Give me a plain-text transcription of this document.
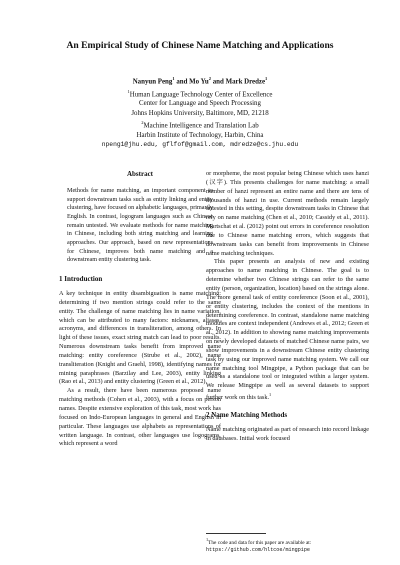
An Empirical Study of Chinese Name Matching and Applications
Nanyun Peng$^1$ and Mo Yu$^2$ and Mark Dredze$^1$
$^1$Human Language Technology Center of Excellence
Center for Language and Speech Processing
Johns Hopkins University, Baltimore, MD, 21218
$^2$Machine Intelligence and Translation Lab
Harbin Institute of Technology, Harbin, China
npeng1@jhu.edu, gflfof@gmail.com, mdredze@cs.jhu.edu
Abstract

Methods for name matching, an important component to support downstream tasks such as entity linking and entity clustering, have focused on alphabetic languages, primarily English. In contrast, logogram languages such as Chinese remain untested. We evaluate methods for name matching in Chinese, including both string matching and learning approaches. Our approach, based on new representations for Chinese, improves both name matching and a downstream entity clustering task.

1 Introduction

A key technique in entity disambiguation is name matching: determining if two mention strings could refer to the same entity. The challenge of name matching lies in name variation, which can be attributed to many factors: nicknames, aliases, acronyms, and differences in transliteration, among others. In light of these issues, exact string match can lead to poor results. Numerous downstream tasks benefit from improved name matching: entity coreference (Strube et al., 2002), name transliteration (Knight and Graehl, 1998), identifying names for mining paraphrases (Barzilay and Lee, 2003), entity linking (Rao et al., 2013) and entity clustering (Green et al., 2012).

As a result, there have been numerous proposed name matching methods (Cohen et al., 2003), with a focus on person names. Despite extensive exploration of this task, most work has focused on Indo-European languages in general and English in particular. These languages use alphabets as representations of written language. In contrast, other languages use logograms, which represent a word

or morpheme, the most popular being Chinese which uses hanzi (汉字). This presents challenges for name matching: a small number of hanzi represent an entire name and there are tens of thousands of hanzi in use. Current methods remain largely untested in this setting, despite downstream tasks in Chinese that rely on name matching (Chen et al., 2010; Cassidy et al., 2011). Martschat et al. (2012) point out errors in coreference resolution due to Chinese name matching errors, which suggests that downstream tasks can benefit from improvements in Chinese name matching techniques.

This paper presents an analysis of new and existing approaches to name matching in Chinese. The goal is to determine whether two Chinese strings can refer to the same entity (person, organization, location) based on the strings alone. The more general task of entity coreference (Soon et al., 2001), or entity clustering, includes the context of the mentions in determining coreference. In contrast, standalone name matching modules are context independent (Andrews et al., 2012; Green et al., 2012). In addition to showing name matching improvements on newly developed datasets of matched Chinese name pairs, we show improvements in a downstream Chinese entity clustering task by using our improved name matching system. We call our name matching tool Mingpipe, a Python package that can be used as a standalone tool or integrated within a larger system. We release Mingpipe as well as several datasets to support further work on this task.$^1$

2 Name Matching Methods

Name matching originated as part of research into record linkage in databases. Initial work focused

$^1$The code and data for this paper are available at:
https://github.com/hltcoe/mingpipe
